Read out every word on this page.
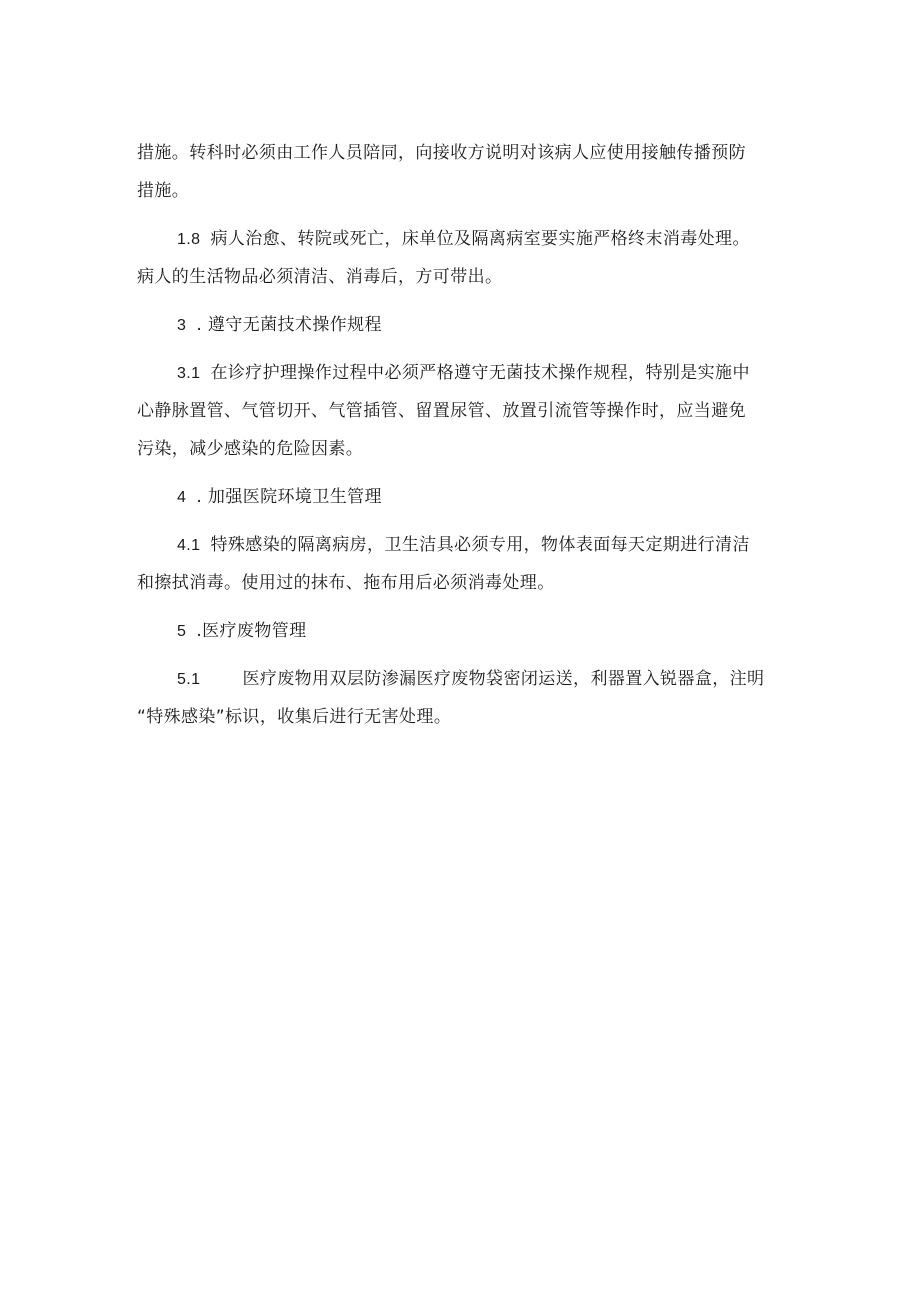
措施。转科时必须由工作人员陪同，向接收方说明对该病人应使用接触传播预防
措施。

1.8 病人治愈、转院或死亡，床单位及隔离病室要实施严格终末消毒处理。
病人的生活物品必须清洁、消毒后，方可带出。

3 . 遵守无菌技术操作规程

3.1 在诊疗护理操作过程中必须严格遵守无菌技术操作规程，特别是实施中
心静脉置管、气管切开、气管插管、留置尿管、放置引流管等操作时，应当避免
污染，减少感染的危险因素。

4 . 加强医院环境卫生管理

4.1 特殊感染的隔离病房，卫生洁具必须专用，物体表面每天定期进行清洁
和擦拭消毒。使用过的抹布、拖布用后必须消毒处理。

5 .医疗废物管理

5.1 医疗废物用双层防渗漏医疗废物袋密闭运送，利器置入锐器盒，注明
“特殊感染”标识，收集后进行无害处理。
